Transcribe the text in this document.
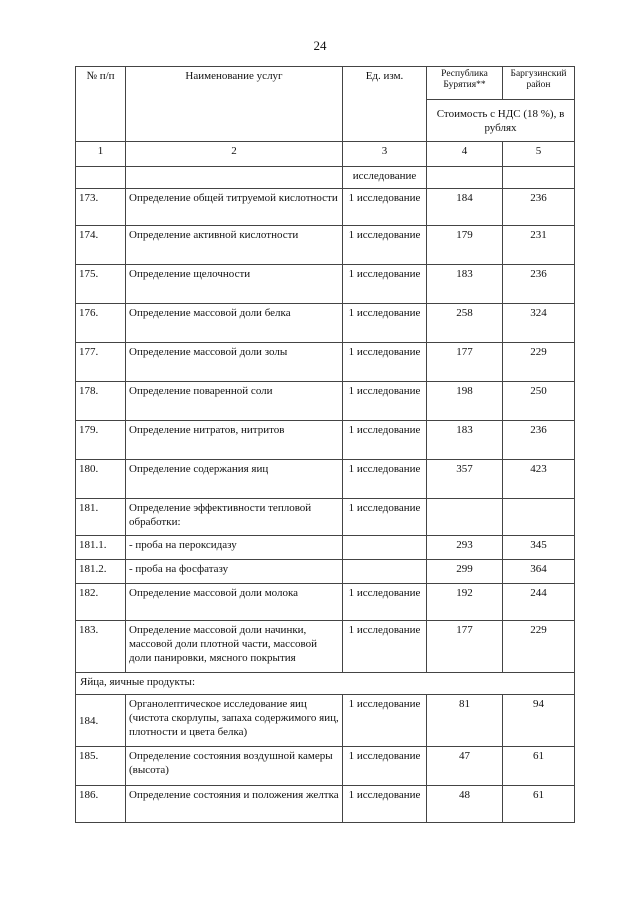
24
№ п/п	Наименование услуг	Ед. изм.	Республика Бурятия**	Баргузинский район
			Стоимость с НДС (18 %), в рублях	
1	2	3	4	5
		исследование		
173.	Определение общей титруемой кислотности	1 исследование	184	236
174.	Определение активной кислотности	1 исследование	179	231
175.	Определение щелочности	1 исследование	183	236
176.	Определение массовой доли белка	1 исследование	258	324
177.	Определение массовой доли золы	1 исследование	177	229
178.	Определение поваренной соли	1 исследование	198	250
179.	Определение нитратов, нитритов	1 исследование	183	236
180.	Определение содержания яиц	1 исследование	357	423
181.	Определение эффективности тепловой обработки:	1 исследование		
181.1.	- проба на пероксидазу		293	345
181.2.	- проба на фосфатазу		299	364
182.	Определение массовой доли молока	1 исследование	192	244
183.	Определение массовой доли начинки, массовой доли плотной части, массовой доли панировки, мясного покрытия	1 исследование	177	229
Яйца, яичные продукты:				
184.	Органолептическое исследование яиц (чистота скорлупы, запаха содержимого яиц, плотности и цвета белка)	1 исследование	81	94
185.	Определение состояния воздушной камеры (высота)	1 исследование	47	61
186.	Определение состояния и положения желтка	1 исследование	48	61
